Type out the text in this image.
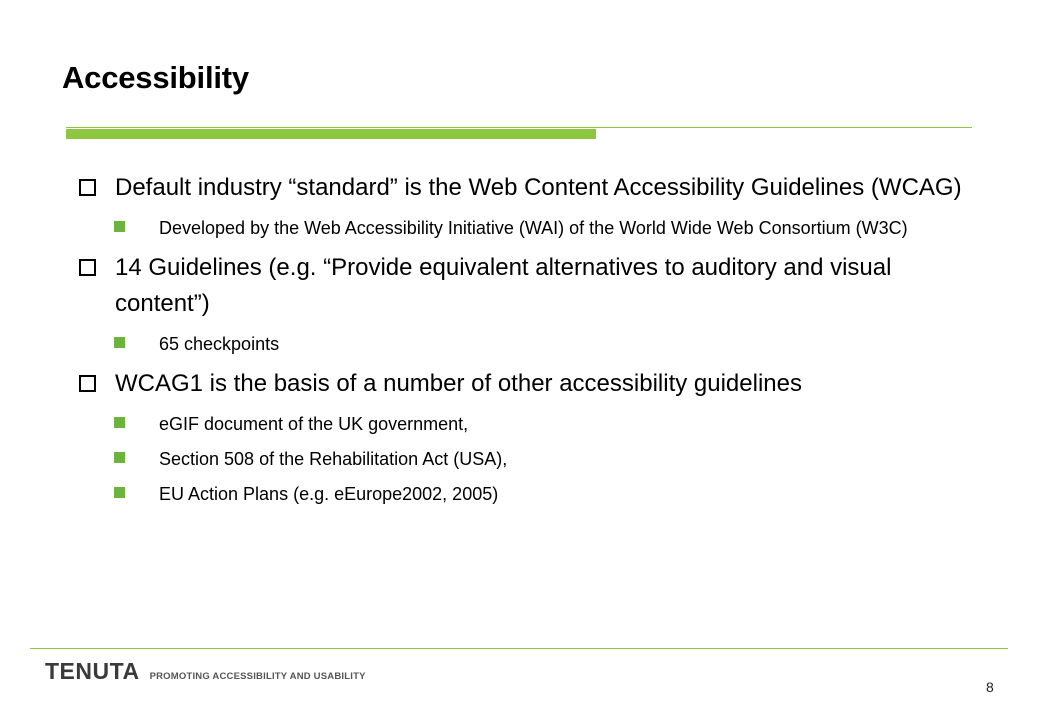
Accessibility
Default industry “standard” is the Web Content Accessibility Guidelines (WCAG)
Developed by the Web Accessibility Initiative (WAI) of the World Wide Web Consortium (W3C)
14 Guidelines (e.g. “Provide equivalent alternatives to auditory and visual content”)
65 checkpoints
WCAG1 is the basis of a number of other accessibility guidelines
eGIF document of the UK government,
Section 508 of the Rehabilitation Act (USA),
EU Action Plans (e.g. eEurope2002, 2005)
TENUTA PROMOTING ACCESSIBILITY AND USABILITY
8
